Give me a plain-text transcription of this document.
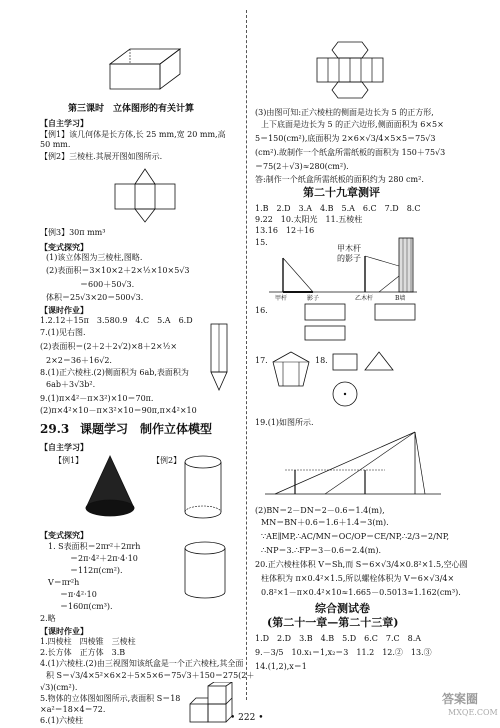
第三课时　立体图形的有关计算
【自主学习】
【例1】该几何体是长方体,长 25 mm,宽 20 mm,高
50 mm.
【例2】三棱柱.其展开图如图所示.
【例3】30π mm³
【变式探究】
(1)该立体图为三棱柱,图略.
(2)表面积＝3×10×2＋2×½×10×5√3
＝600＋50√3.
体积＝25√3×20＝500√3.
【课时作业】
1.2.12＋15π　3.580.9　4.C　5.A　6.D
7.(1)见右图.
(2)表面积＝(2＋2＋2√2)×8＋2×½×
2×2＝36＋16√2.
8.(1)正六棱柱.(2)侧面积为 6ab,表面积为
6ab＋3√3b².
9.(1)π×4²－π×3²)×10＝70π.
(2)π×4²×10－π×3²×10＝90π,π×4²×10
29.3 课题学习　制作立体模型
【自主学习】
【例1】	【例2】
【变式探究】
1. S表面积＝2πr²＋2πrh
＝2π·4²＋2π·4·10
＝112π(cm²).
V＝πr²h
＝π·4²·10
＝160π(cm³).
2.略
【课时作业】
1.四棱柱　四棱锥　三棱柱
2.长方体　正方体　3.B
4.(1)六棱柱.(2)由三视图知该纸盒是一个正六棱柱,其全面
积 S＝√3/4×5²×6×2＋5×5×6＝75√3＋150＝275(2＋
√3)(cm²).
5.物体的立体图如图所示,表面积 S＝18
×a²＝18×4＝72.
6.(1)六棱柱
(3)由图可知:正六棱柱的侧面是边长为 5 的正方形,
上下底面是边长为 5 的正六边形,侧面面积为 6×5×
5＝150(cm²),底面积为 2×6×√3/4×5×5＝75√3
(cm²).故制作一个纸盒所需纸板的面积为 150＋75√3
＝75(2＋√3)≈280(cm²).
答:制作一个纸盒所需纸板的面积约为 280 cm².
第二十九章测评
1.B　2.D　3.A　4.B　5.A　6.C　7.D　8.C
9.22　10.太阳光　11.五棱柱
13.16　12＋16
15.
甲木杆
的影子
甲杆	影子	乙木杆	B墙
16.
17.	18.
19.(1)如图所示.
(2)BN＝2－DN＝2－0.6＝1.4(m),
MN＝BN＋0.6＝1.6＋1.4＝3(m).
∵AE∥MP,∴AC/MN＝OC/OP＝CE/NP,∴2/3＝2/NP,
∴NP＝3.∴FP＝3－0.6＝2.4(m).
20.正六棱柱体积 V＝Sh,而 S＝6×√3/4×0.8²×1.5,空心圆
柱体积为 π×0.4²×1.5,所以螺栓体积为 V＝6×√3/4×
0.8²×1－π×0.4²×10≈1.665－0.5013≈1.162(cm³).
综合测试卷
(第二十一章—第二十三章)
1.D　2.D　3.B　4.B　5.D　6.C　7.C　8.A
9.－3/5　10.x₁＝1,x₂＝3　11.2　12.②　13.③
14.(1,2),x＝1
• 222 •
答案圈
MXQE.COM
